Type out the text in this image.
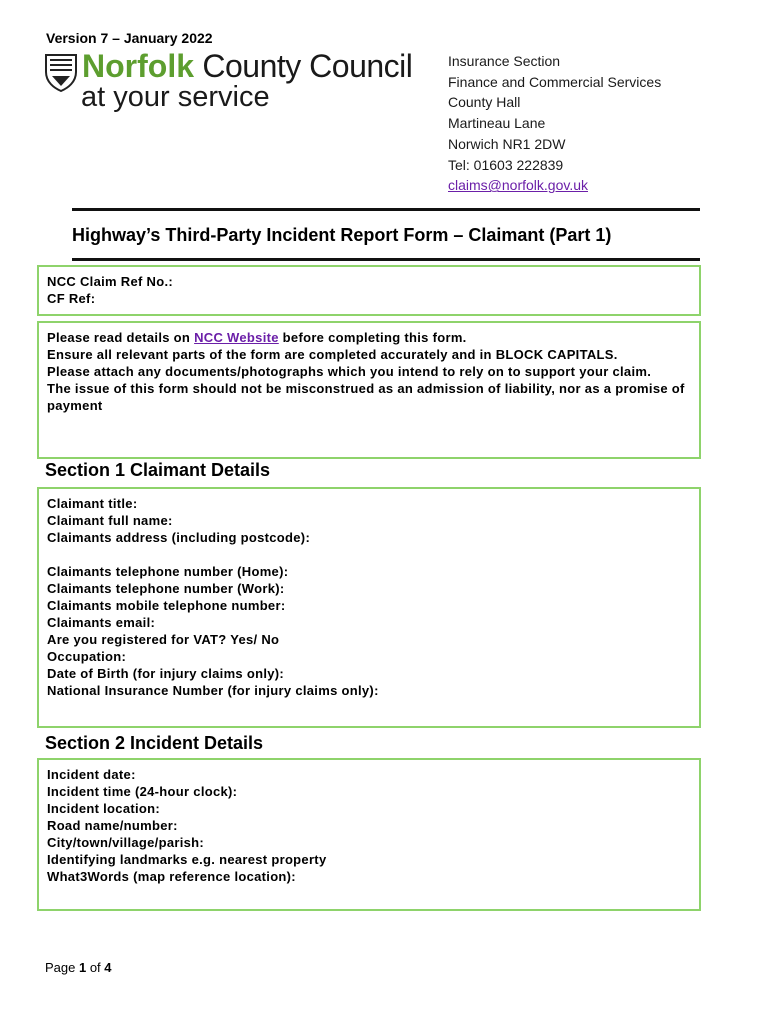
Version 7 – January 2022
Norfolk County Council
at your service
Insurance Section
Finance and Commercial Services
County Hall
Martineau Lane
Norwich NR1 2DW
Tel: 01603 222839
claims@norfolk.gov.uk
Highway’s Third-Party Incident Report Form – Claimant (Part 1)
NCC Claim Ref No.:
CF Ref:
Please read details on NCC Website before completing this form.
Ensure all relevant parts of the form are completed accurately and in BLOCK CAPITALS.
Please attach any documents/photographs which you intend to rely on to support your claim.
The issue of this form should not be misconstrued as an admission of liability, nor as a promise of payment
Section 1 Claimant Details
Claimant title:
Claimant full name:
Claimants address (including postcode):
Claimants telephone number (Home):
Claimants telephone number (Work):
Claimants mobile telephone number:
Claimants email:
Are you registered for VAT? Yes/ No
Occupation:
Date of Birth (for injury claims only):
National Insurance Number (for injury claims only):
Section 2 Incident Details
Incident date:
Incident time (24-hour clock):
Incident location:
Road name/number:
City/town/village/parish:
Identifying landmarks e.g. nearest property
What3Words (map reference location):
Page 1 of 4
